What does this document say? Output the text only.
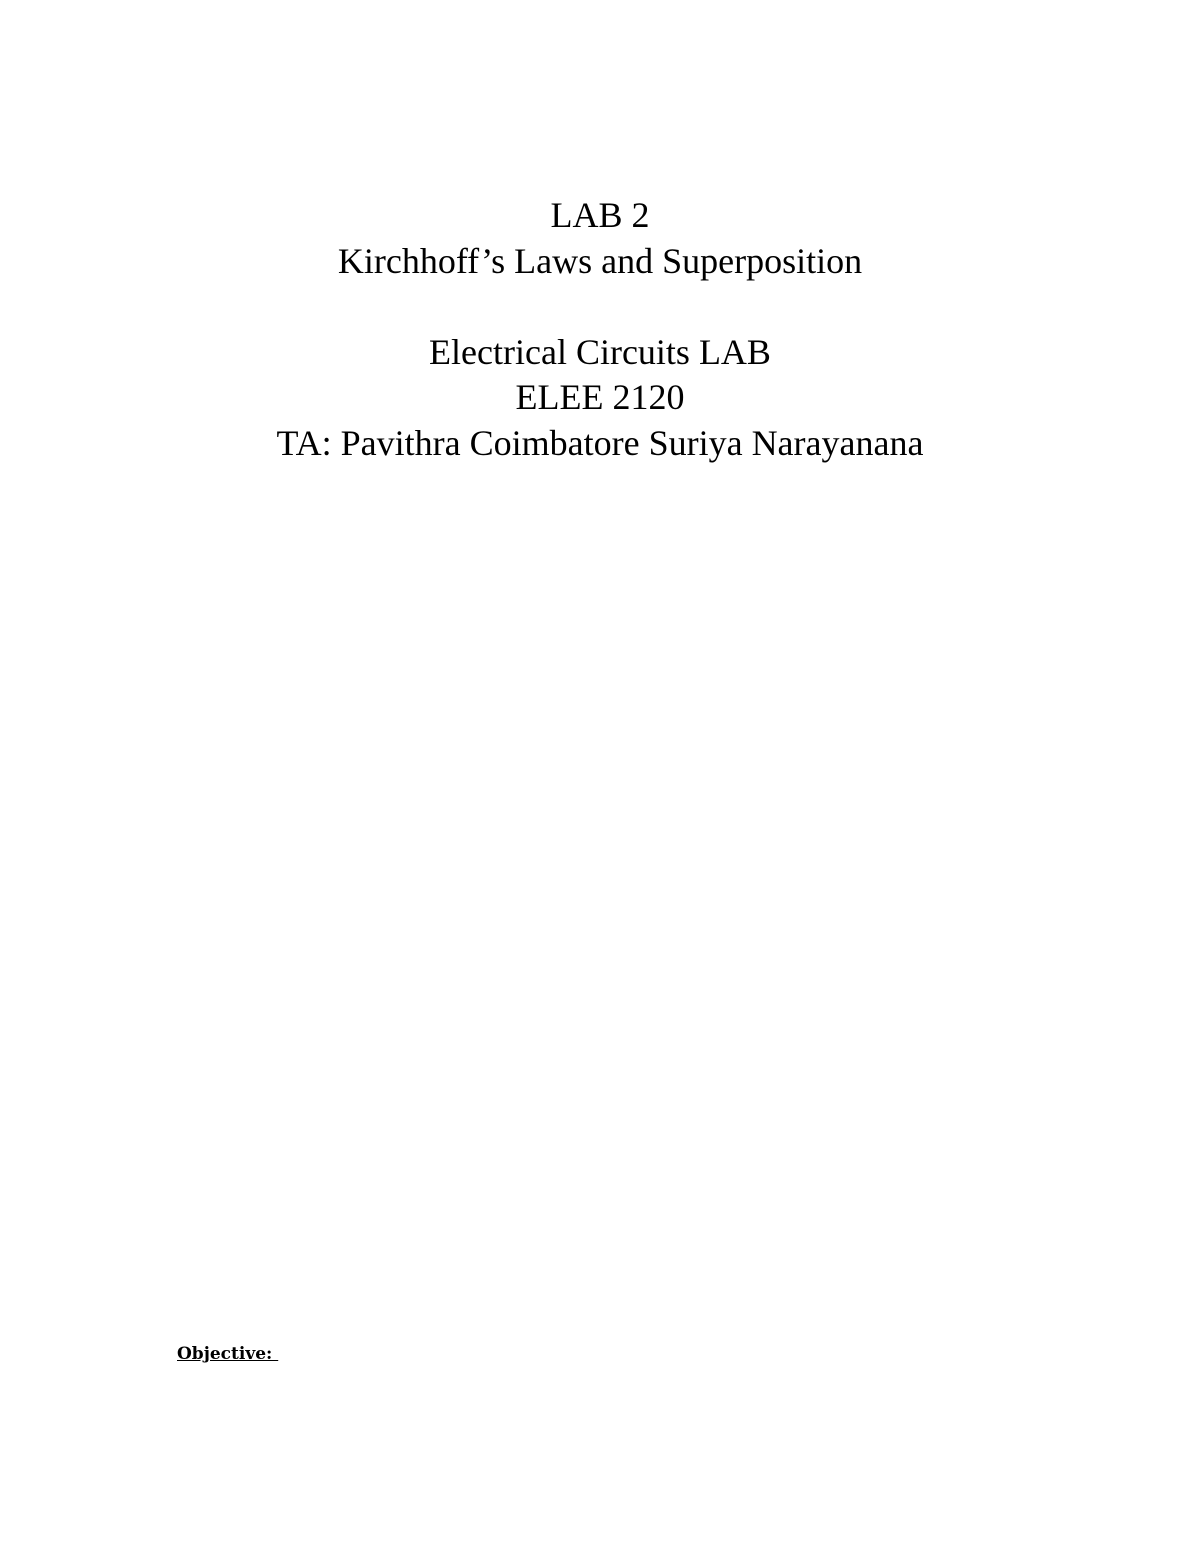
LAB 2
Kirchhoff’s Laws and Superposition
Electrical Circuits LAB
ELEE 2120
TA: Pavithra Coimbatore Suriya Narayanana
Objective:
